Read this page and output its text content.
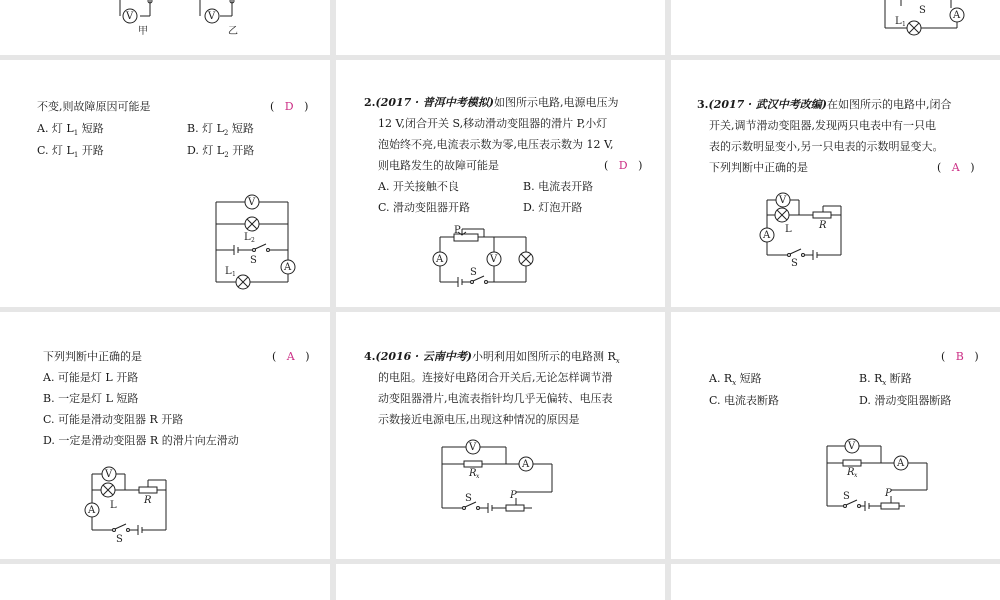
V
甲
V
乙
S	A
L 1
不变,则故障原因可能是	(   D   )
A. 灯 $L_1$ 短路	B. 灯 $L_2$ 短路
C. 灯 $L_1$ 开路	D. 灯 $L_2$ 开路
V
L 2
S
A
L 1
2.(2017 · 普洱中考模拟)如图所示电路,电源电压为
12 V,闭合开关 S,移动滑动变阻器的滑片 P,小灯
泡始终不亮,电流表示数为零,电压表示数为 12 V,
则电路发生的故障可能是	(   D   )
A. 开关接触不良	B. 电流表开路
C. 滑动变阻器开路	D. 灯泡开路
P
A	V
S
3.(2017 · 武汉中考改编)在如图所示的电路中,闭合
开关,调节滑动变阻器,发现两只电表中有一只电
表的示数明显变小,另一只电表的示数明显变大。
下列判断中正确的是	(   A   )
V
L	R
A
S
下列判断中正确的是	(   A   )
A. 可能是灯 L 开路
B. 一定是灯 L 短路
C. 可能是滑动变阻器 R 开路
D. 一定是滑动变阻器 R 的滑片向左滑动
V
L	R
A
S
4.(2016 · 云南中考)小明利用如图所示的电路测 $R_x$
的电阻。连接好电路闭合开关后,无论怎样调节滑
动变阻器滑片,电流表指针均几乎无偏转、电压表
示数接近电源电压,出现这种情况的原因是
V
R x
A
S	P
(   B   )
A. $R_x$ 短路	B. $R_x$ 断路
C. 电流表断路	D. 滑动变阻器断路
V
R x
A
S	P
